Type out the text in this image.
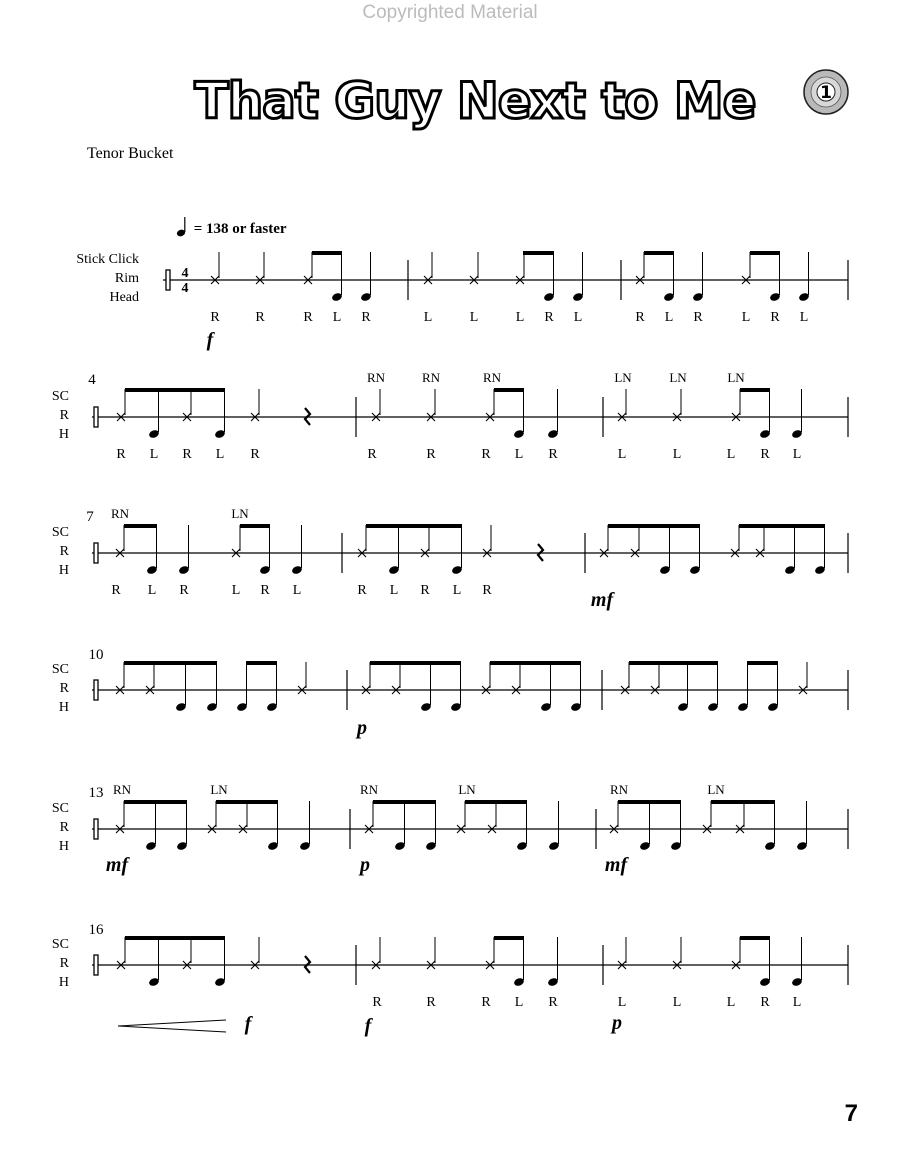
Copyrighted Material
That Guy Next to Me	1
Tenor Bucket
= 138 or faster
Stick Click
Rim
Head
4
4
R	R	R L R	L	L	L R L	R L R	L R L
f
SC
R
H
4	RN	RN	RN	LN	LN	LN
R L R L R	R	R	R L R	L	L	L R L
SC
R
H
7 RN	LN
R L R	L R L	R L R L R	mf
SC
R
H
10
p
SC
R
H
13 RN	LN	RN	LN	RN	LN
mf	p	mf
SC
R
H
16
R	R	R L R	L	L	L R L
f	f	p
7
